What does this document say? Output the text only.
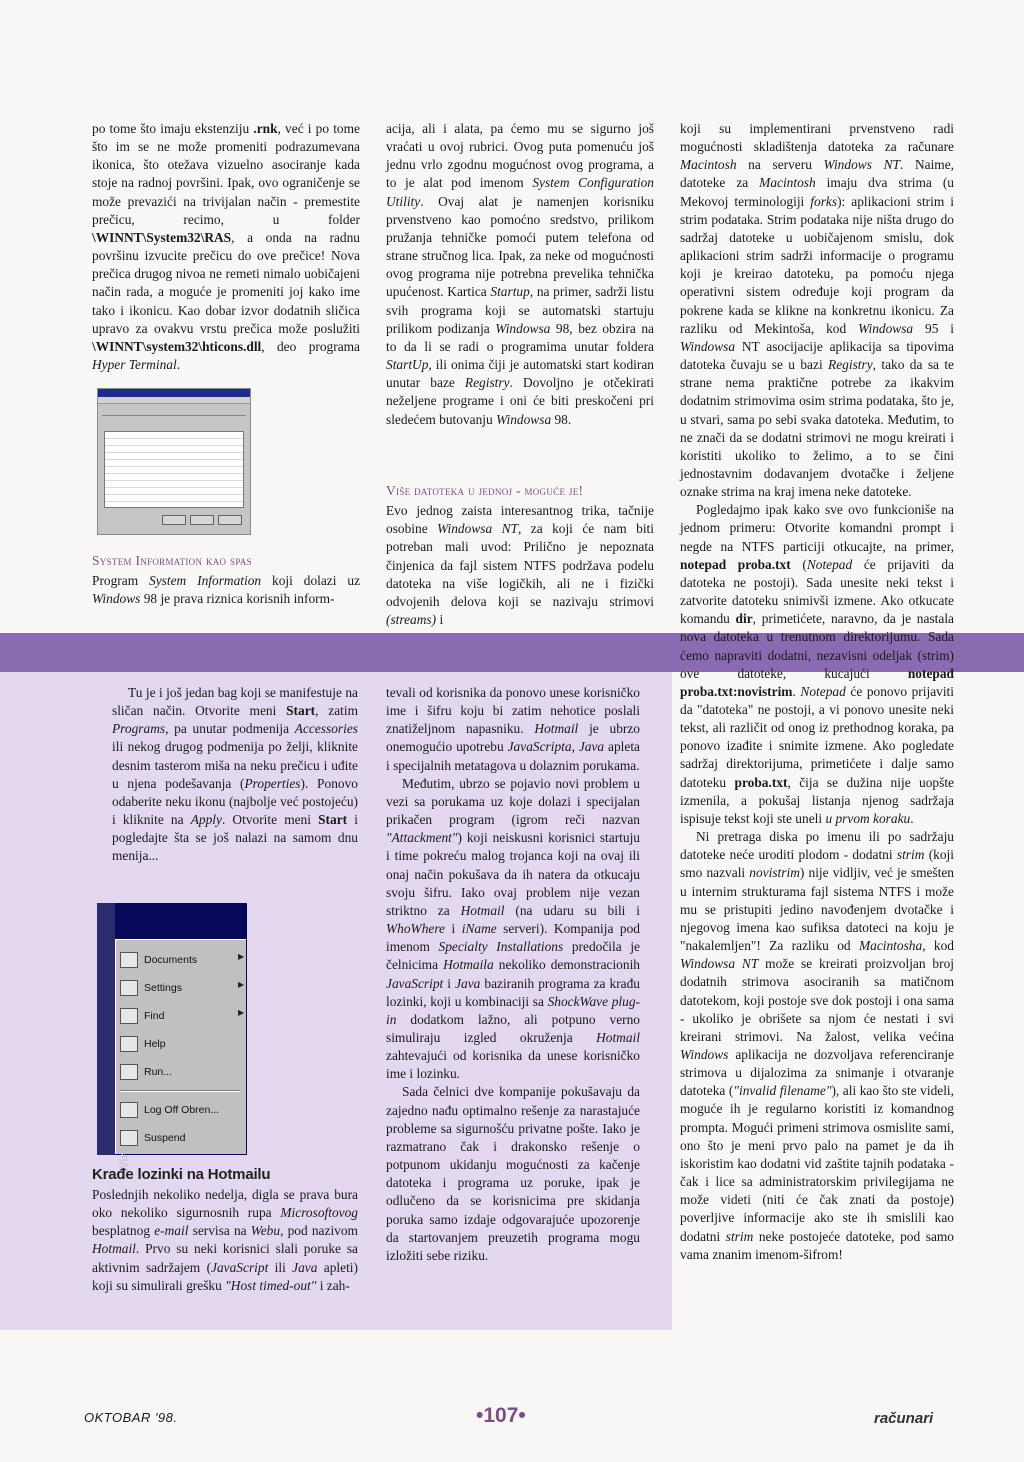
po tome što imaju ekstenziju .rnk, već i po tome što im se ne može promeniti podrazumevana ikonica, što otežava vizuelno asociranje kada stoje na radnoj površini. Ipak, ovo ograničenje se može prevazići na trivijalan način - premestite prečicu, recimo, u folder \WINNT\System32\RAS, a onda na radnu površinu izvucite prečicu do ove prečice! Nova prečica drugog nivoa ne remeti nimalo uobičajeni način rada, a moguće je promeniti joj kako ime tako i ikonicu. Kao dobar izvor dodatnih sličica upravo za ovakvu vrstu prečica može poslužiti \WINNT\system32\hticons.dll, deo programa Hyper Terminal.

System Information kao spas

Program System Information koji dolazi uz Windows 98 je prava riznica korisnih inform-

acija, ali i alata, pa ćemo mu se sigurno još vraćati u ovoj rubrici. Ovog puta pomenuću još jednu vrlo zgodnu mogućnost ovog programa, a to je alat pod imenom System Configuration Utility. Ovaj alat je namenjen korisniku prvenstveno kao pomoćno sredstvo, prilikom pružanja tehničke pomoći putem telefona od strane stručnog lica. Ipak, za neke od mogućnosti ovog programa nije potrebna prevelika tehnička upućenost. Kartica Startup, na primer, sadrži listu svih programa koji se automatski startuju prilikom podizanja Windowsa 98, bez obzira na to da li se radi o programima unutar foldera StartUp, ili onima čiji je automatski start kodiran unutar baze Registry. Dovoljno je otčekirati neželjene programe i oni će biti preskočeni pri sledećem butovanju Windowsa 98.

Više datoteka u jednoj - moguće je!

Evo jednog zaista interesantnog trika, tačnije osobine Windowsa NT, za koji će nam biti potreban mali uvod: Prilično je nepoznata činjenica da fajl sistem NTFS podržava podelu datoteka na više logičkih, ali ne i fizički odvojenih delova koji se nazivaju strimovi (streams) i

koji su implementirani prvenstveno radi mogućnosti skladištenja datoteka za računare Macintosh na serveru Windows NT. Naime, datoteke za Macintosh imaju dva strima (u Mekovoj terminologiji forks): aplikacioni strim i strim podataka. Strim podataka nije ništa drugo do sadržaj datoteke u uobičajenom smislu, dok aplikacioni strim sadrži informacije o programu koji je kreirao datoteku, pa pomoću njega operativni sistem određuje koji program da pokrene kada se klikne na konkretnu ikonicu. Za razliku od Mekintoša, kod Windowsa 95 i Windowsa NT asocijacije aplikacija sa tipovima datoteka čuvaju se u bazi Registry, tako da sa te strane nema praktične potrebe za ikakvim dodatnim strimovima osim strima podataka, što je, u stvari, sama po sebi svaka datoteka. Međutim, to ne znači da se dodatni strimovi ne mogu kreirati i koristiti ukoliko to želimo, a to se čini jednostavnim dodavanjem dvotačke i željene oznake strima na kraj imena neke datoteke.

Pogledajmo ipak kako sve ovo funkcioniše na jednom primeru: Otvorite komandni prompt i negde na NTFS particiji otkucajte, na primer, notepad proba.txt (Notepad će prijaviti da datoteka ne postoji). Sada unesite neki tekst i zatvorite datoteku snimivši izmene. Ako otkucate komandu dir, primetićete, naravno, da je nastala nova datoteka u trenutnom direktorijumu. Sada ćemo napraviti dodatni, nezavisni odeljak (strim) ove datoteke, kucajući notepad proba.txt:novistrim. Notepad će ponovo prijaviti da "datoteka" ne postoji, a vi ponovo unesite neki tekst, ali različit od onog iz prethodnog koraka, pa ponovo izađite i snimite izmene. Ako pogledate sadržaj direktorijuma, primetićete i dalje samo datoteku proba.txt, čija se dužina nije uopšte izmenila, a pokušaj listanja njenog sadržaja ispisuje tekst koji ste uneli u prvom koraku.

Ni pretraga diska po imenu ili po sadržaju datoteke neće uroditi plodom - dodatni strim (koji smo nazvali novistrim) nije vidljiv, već je smešten u internim strukturama fajl sistema NTFS i može mu se pristupiti jedino navođenjem dvotačke i njegovog imena kao sufiksa datoteci na koju je "nakalemljen"! Za razliku od Macintosha, kod Windowsa NT može se kreirati proizvoljan broj dodatnih strimova asociranih sa matičnom datotekom, koji postoje sve dok postoji i ona sama - ukoliko je obrišete sa njom će nestati i svi kreirani strimovi. Na žalost, velika većina Windows aplikacija ne dozvoljava referenciranje strimova u dijalozima za snimanje i otvaranje datoteka ("invalid filename"), ali kao što ste videli, moguće ih je regularno koristiti iz komandnog prompta. Mogući primeni strimova osmislite sami, ono što je meni prvo palo na pamet je da ih iskoristim kao dodatni vid zaštite tajnih podataka - čak i lice sa administratorskim privilegijama ne može videti (niti će čak znati da postoje) poverljive informacije ako ste ih smislili kao dodatni strim neke postojeće datoteke, pod samo vama znanim imenom-šifrom!

Tu je i još jedan bag koji se manifestuje na sličan način. Otvorite meni Start, zatim Programs, pa unutar podmenija Accessories ili nekog drugog podmenija po želji, kliknite desnim tasterom miša na neku prečicu i uđite u njena podešavanja (Properties). Ponovo odaberite neku ikonu (najbolje već postojeću) i kliknite na Apply. Otvorite meni Start i pogledajte šta se još nalazi na samom dnu menija...

Documents	▶
Settings	▶
Find	▶
Help
Run...
Log Off Obren...
Suspend
Krađe lozinki na Hotmailu

Poslednjih nekoliko nedelja, digla se prava bura oko nekoliko sigurnosnih rupa Microsoftovog besplatnog e-mail servisa na Webu, pod nazivom Hotmail. Prvo su neki korisnici slali poruke sa aktivnim sadržajem (JavaScript ili Java apleti) koji su simulirali grešku "Host timed-out" i zah-

tevali od korisnika da ponovo unese korisničko ime i šifru koju bi zatim nehotice poslali znatiželjnom napasniku. Hotmail je ubrzo onemogućio upotrebu JavaScripta, Java apleta i specijalnih metatagova u dolaznim porukama.

Međutim, ubrzo se pojavio novi problem u vezi sa porukama uz koje dolazi i specijalan prikačen program (igrom reči nazvan "Attackment") koji neiskusni korisnici startuju i time pokreću malog trojanca koji na ovaj ili onaj način pokušava da ih natera da otkucaju svoju šifru. Iako ovaj problem nije vezan striktno za Hotmail (na udaru su bili i WhoWhere i iName serveri). Kompanija pod imenom Specialty Installations predočila je čelnicima Hotmaila nekoliko demonstracionih JavaScript i Java baziranih programa za krađu lozinki, koji u kombinaciji sa ShockWave plug-in dodatkom lažno, ali potpuno verno simuliraju izgled okruženja Hotmail zahtevajući od korisnika da unese korisničko ime i lozinku.

Sada čelnici dve kompanije pokušavaju da zajedno nađu optimalno rešenje za narastajuće probleme sa sigurnošću privatne pošte. Iako je razmatrano čak i drakonsko rešenje o potpunom ukidanju mogućnosti za kačenje datoteka i programa uz poruke, ipak je odlučeno da se korisnicima pre skidanja poruka samo izdaje odgovarajuće upozorenje da startovanjem preuzetih programa mogu izložiti sebe riziku.

OKTOBAR '98.	•107•	računari
